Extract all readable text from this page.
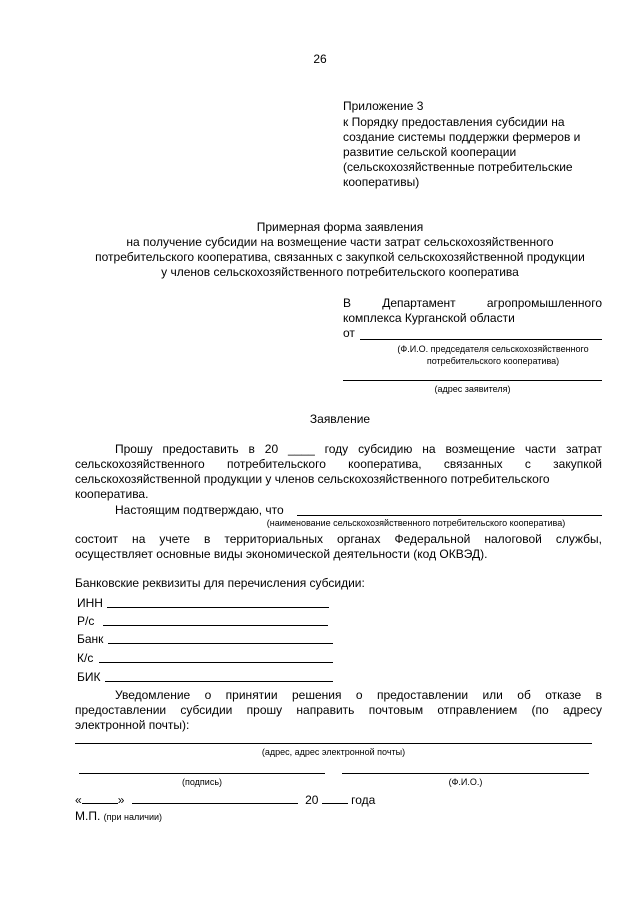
26
Приложение 3
к Порядку предоставления субсидии на
создание системы поддержки фермеров и
развитие сельской кооперации
(сельскохозяйственные потребительские
кооперативы)
Примерная форма заявления
на получение субсидии на возмещение части затрат сельскохозяйственного
потребительского кооператива, связанных с закупкой сельскохозяйственной продукции
у членов сельскохозяйственного потребительского кооператива
В Департамент агропромышленного
комплекса Курганской области
от
(Ф.И.О. председателя сельскохозяйственного
потребительского кооператива)
(адрес заявителя)
Заявление
Прошу предоставить в 20 ____ году субсидию на возмещение части затрат
сельскохозяйственного потребительского кооператива, связанных с закупкой
сельскохозяйственной продукции у членов сельскохозяйственного потребительского
кооператива.
Настоящим подтверждаю, что
(наименование сельскохозяйственного потребительского кооператива)
состоит на учете в территориальных органах Федеральной налоговой службы,
осуществляет основные виды экономической деятельности (код ОКВЭД).
Банковские реквизиты для перечисления субсидии:
ИНН
Р/с
Банк
К/с
БИК
Уведомление о принятии решения о предоставлении или об отказе в
предоставлении субсидии прошу направить почтовым отправлением (по адресу
электронной почты):
(адрес, адрес электронной почты)
(подпись)	(Ф.И.О.)
«	»	20	года
М.П. (при наличии)
